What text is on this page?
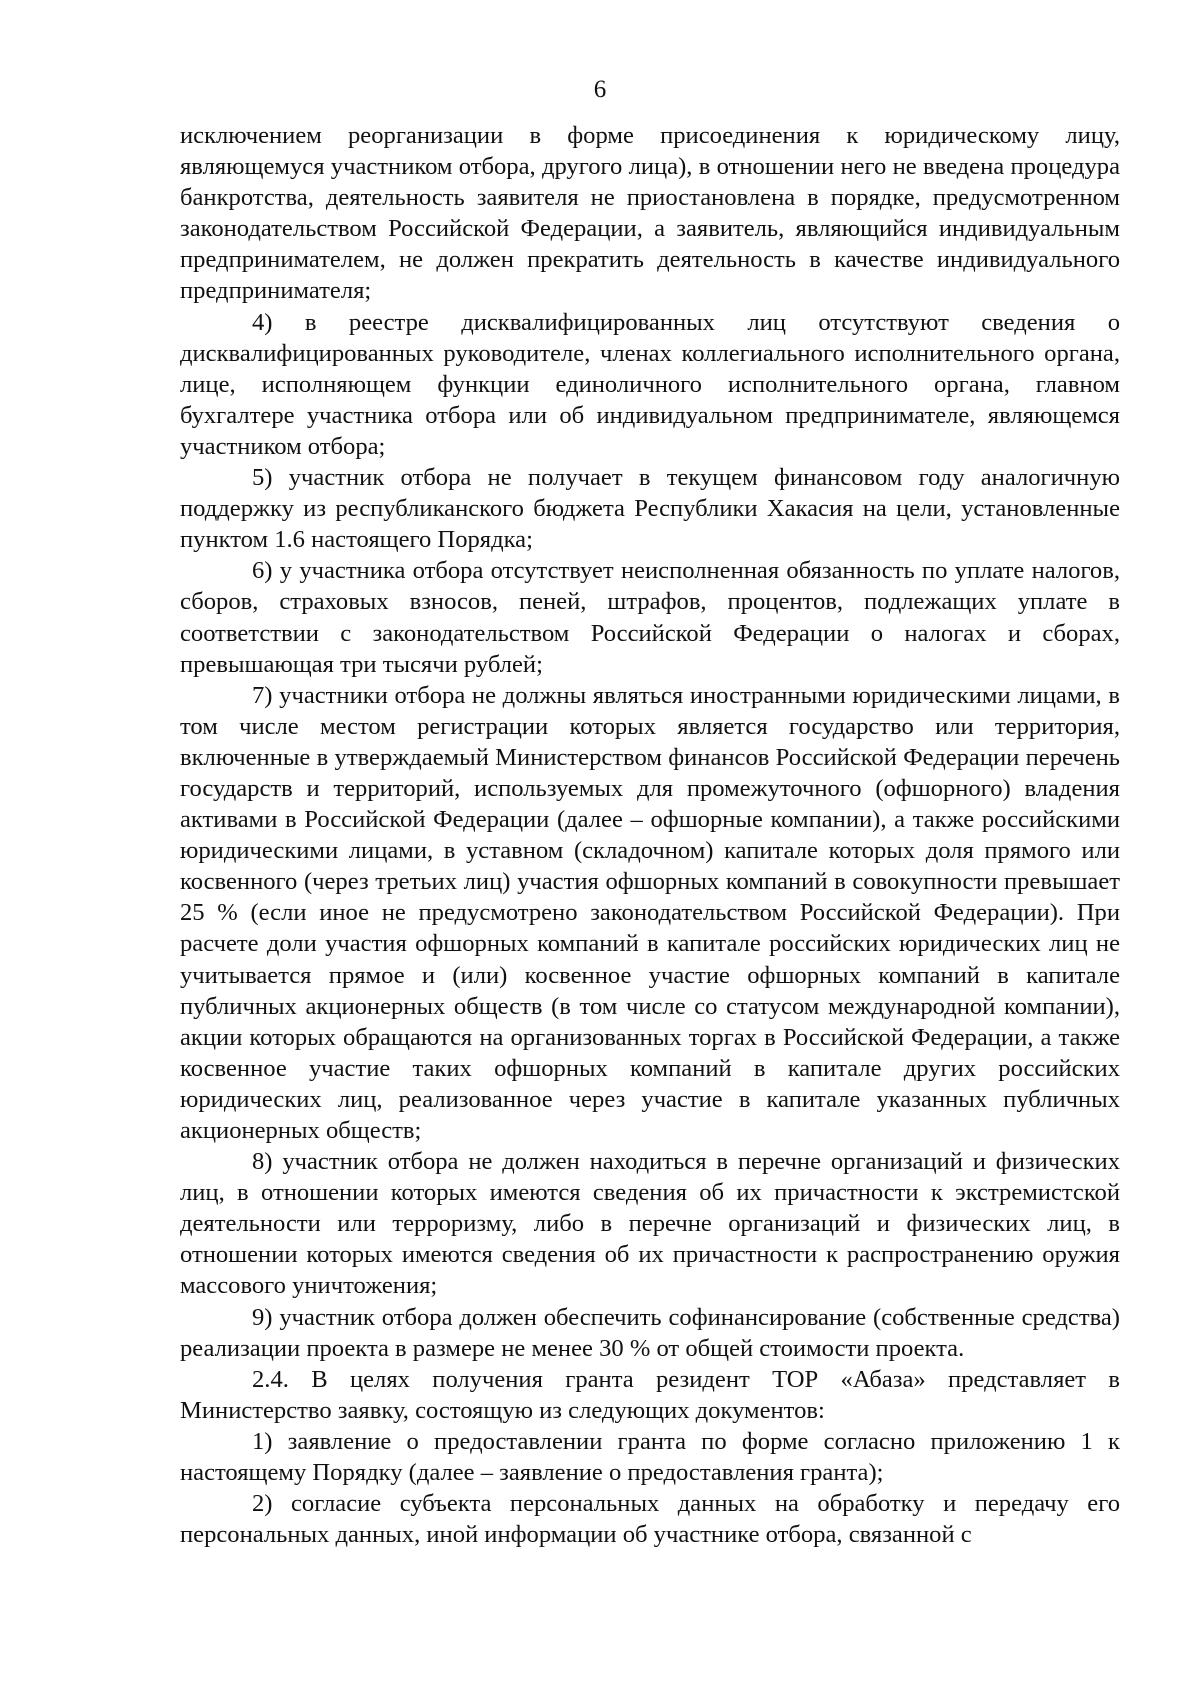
6

исключением реорганизации в форме присоединения к юридическому лицу, являющемуся участником отбора, другого лица), в отношении него не введена процедура банкротства, деятельность заявителя не приостановлена в порядке, предусмотренном законодательством Российской Федерации, а заявитель, являющийся индивидуальным предпринимателем, не должен прекратить деятельность в качестве индивидуального предпринимателя;

4) в реестре дисквалифицированных лиц отсутствуют сведения о дисквалифицированных руководителе, членах коллегиального исполнительного органа, лице, исполняющем функции единоличного исполнительного органа, главном бухгалтере участника отбора или об индивидуальном предпринимателе, являющемся участником отбора;

5) участник отбора не получает в текущем финансовом году аналогичную поддержку из республиканского бюджета Республики Хакасия на цели, установленные пунктом 1.6 настоящего Порядка;

6) у участника отбора отсутствует неисполненная обязанность по уплате налогов, сборов, страховых взносов, пеней, штрафов, процентов, подлежащих уплате в соответствии с законодательством Российской Федерации о налогах и сборах, превышающая три тысячи рублей;

7) участники отбора не должны являться иностранными юридическими лицами, в том числе местом регистрации которых является государство или территория, включенные в утверждаемый Министерством финансов Российской Федерации перечень государств и территорий, используемых для промежуточного (офшорного) владения активами в Российской Федерации (далее – офшорные компании), а также российскими юридическими лицами, в уставном (складочном) капитале которых доля прямого или косвенного (через третьих лиц) участия офшорных компаний в совокупности превышает 25 % (если иное не предусмотрено законодательством Российской Федерации). При расчете доли участия офшорных компаний в капитале российских юридических лиц не учитывается прямое и (или) косвенное участие офшорных компаний в капитале публичных акционерных обществ (в том числе со статусом международной компании), акции которых обращаются на организованных торгах в Российской Федерации, а также косвенное участие таких офшорных компаний в капитале других российских юридических лиц, реализованное через участие в капитале указанных публичных акционерных обществ;

8) участник отбора не должен находиться в перечне организаций и физических лиц, в отношении которых имеются сведения об их причастности к экстремистской деятельности или терроризму, либо в перечне организаций и физических лиц, в отношении которых имеются сведения об их причастности к распространению оружия массового уничтожения;

9) участник отбора должен обеспечить софинансирование (собственные средства) реализации проекта в размере не менее 30 % от общей стоимости проекта.

2.4. В целях получения гранта резидент ТОР «Абаза» представляет в Министерство заявку, состоящую из следующих документов:

1) заявление о предоставлении гранта по форме согласно приложению 1 к настоящему Порядку (далее – заявление о предоставления гранта);

2) согласие субъекта персональных данных на обработку и передачу его персональных данных, иной информации об участнике отбора, связанной с
